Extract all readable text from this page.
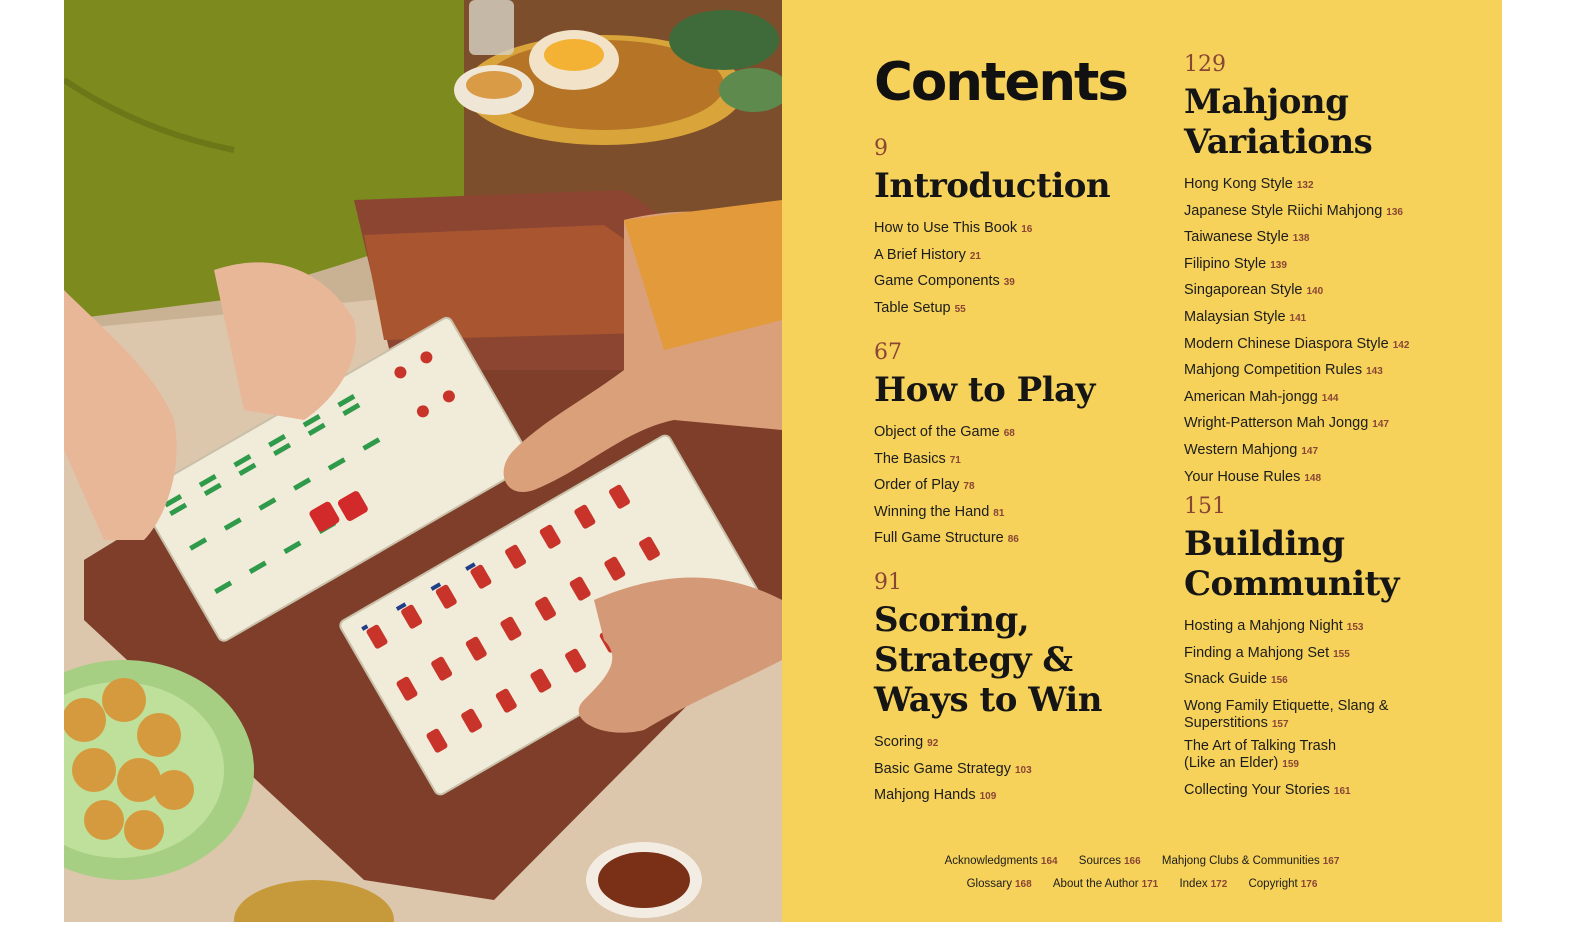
Contents

9

Introduction
How to Use This Book 16
A Brief History 21
Game Components 39
Table Setup 55

67

How to Play
Object of the Game 68
The Basics 71
Order of Play 78
Winning the Hand 81
Full Game Structure 86

91

Scoring, Strategy & Ways to Win
Scoring 92
Basic Game Strategy 103
Mahjong Hands 109

129

Mahjong Variations
Hong Kong Style 132
Japanese Style Riichi Mahjong 136
Taiwanese Style 138
Filipino Style 139
Singaporean Style 140
Malaysian Style 141
Modern Chinese Diaspora Style 142
Mahjong Competition Rules 143
American Mah-jongg 144
Wright-Patterson Mah Jongg 147
Western Mahjong 147
Your House Rules 148

151

Building Community
Hosting a Mahjong Night 153
Finding a Mahjong Set 155
Snack Guide 156
Wong Family Etiquette, Slang & Superstitions 157
The Art of Talking Trash (Like an Elder) 159
Collecting Your Stories 161
Acknowledgments 164 Sources 166 Mahjong Clubs & Communities 167
Glossary 168 About the Author 171 Index 172 Copyright 176
